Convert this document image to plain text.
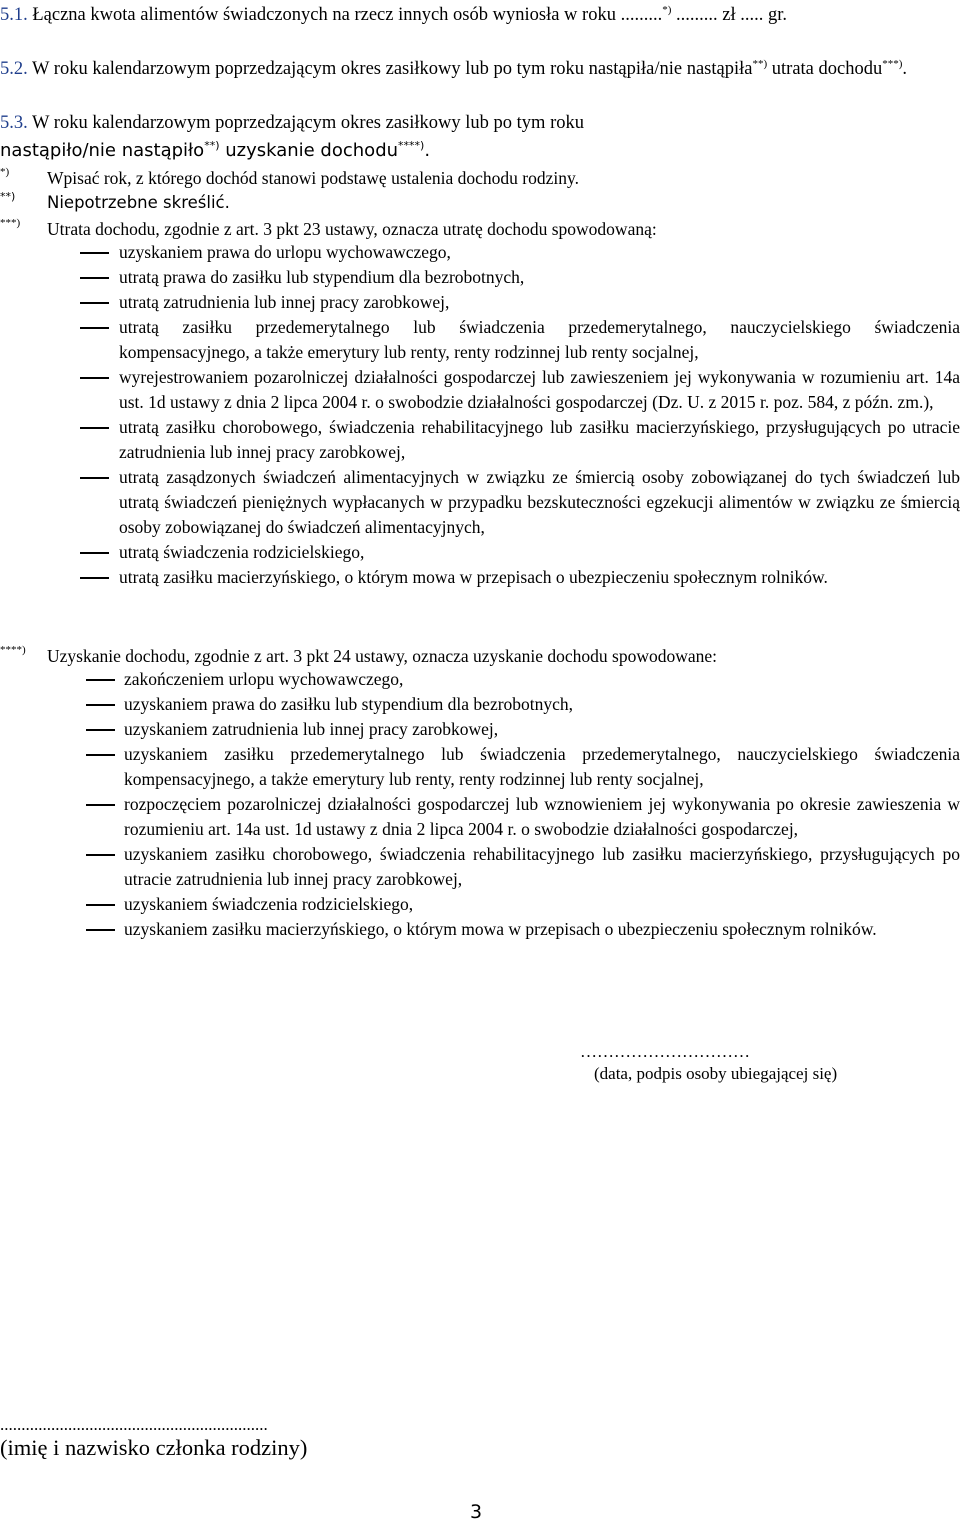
5.1. Łączna kwota alimentów świadczonych na rzecz innych osób wyniosła w roku .........*) ......... zł ..... gr.

5.2. W roku kalendarzowym poprzedzającym okres zasiłkowy lub po tym roku nastąpiła/nie nastąpiła**) utrata dochodu***).

5.3. W roku kalendarzowym poprzedzającym okres zasiłkowy lub po tym roku

nastąpiło/nie nastąpiło**) uzyskanie dochodu****).

*) Wpisać rok, z którego dochód stanowi podstawę ustalenia dochodu rodziny.
**) Niepotrzebne skreślić.
***) Utrata dochodu, zgodnie z art. 3 pkt 23 ustawy, oznacza utratę dochodu spowodowaną:
uzyskaniem prawa do urlopu wychowawczego,
utratą prawa do zasiłku lub stypendium dla bezrobotnych,
utratą zatrudnienia lub innej pracy zarobkowej,
utratą zasiłku przedemerytalnego lub świadczenia przedemerytalnego, nauczycielskiego świadczenia kompensacyjnego, a także emerytury lub renty, renty rodzinnej lub renty socjalnej,
wyrejestrowaniem pozarolniczej działalności gospodarczej lub zawieszeniem jej wykonywania w rozumieniu art. 14a ust. 1d ustawy z dnia 2 lipca 2004 r. o swobodzie działalności gospodarczej (Dz. U. z 2015 r. poz. 584, z późn. zm.),
utratą zasiłku chorobowego, świadczenia rehabilitacyjnego lub zasiłku macierzyńskiego, przysługujących po utracie zatrudnienia lub innej pracy zarobkowej,
utratą zasądzonych świadczeń alimentacyjnych w związku ze śmiercią osoby zobowiązanej do tych świadczeń lub utratą świadczeń pieniężnych wypłacanych w przypadku bezskuteczności egzekucji alimentów w związku ze śmiercią osoby zobowiązanej do świadczeń alimentacyjnych,
utratą świadczenia rodzicielskiego,
utratą zasiłku macierzyńskiego, o którym mowa w przepisach o ubezpieczeniu społecznym rolników.
****) Uzyskanie dochodu, zgodnie z art. 3 pkt 24 ustawy, oznacza uzyskanie dochodu spowodowane:
zakończeniem urlopu wychowawczego,
uzyskaniem prawa do zasiłku lub stypendium dla bezrobotnych,
uzyskaniem zatrudnienia lub innej pracy zarobkowej,
uzyskaniem zasiłku przedemerytalnego lub świadczenia przedemerytalnego, nauczycielskiego świadczenia kompensacyjnego, a także emerytury lub renty, renty rodzinnej lub renty socjalnej,
rozpoczęciem pozarolniczej działalności gospodarczej lub wznowieniem jej wykonywania po okresie zawieszenia w rozumieniu art. 14a ust. 1d ustawy z dnia 2 lipca 2004 r. o swobodzie działalności gospodarczej,
uzyskaniem zasiłku chorobowego, świadczenia rehabilitacyjnego lub zasiłku macierzyńskiego, przysługujących po utracie zatrudnienia lub innej pracy zarobkowej,
uzyskaniem świadczenia rodzicielskiego,
uzyskaniem zasiłku macierzyńskiego, o którym mowa w przepisach o ubezpieczeniu społecznym rolników.
…………………………
(data, podpis osoby ubiegającej się)
...............................................................
(imię i nazwisko członka rodziny)
3
